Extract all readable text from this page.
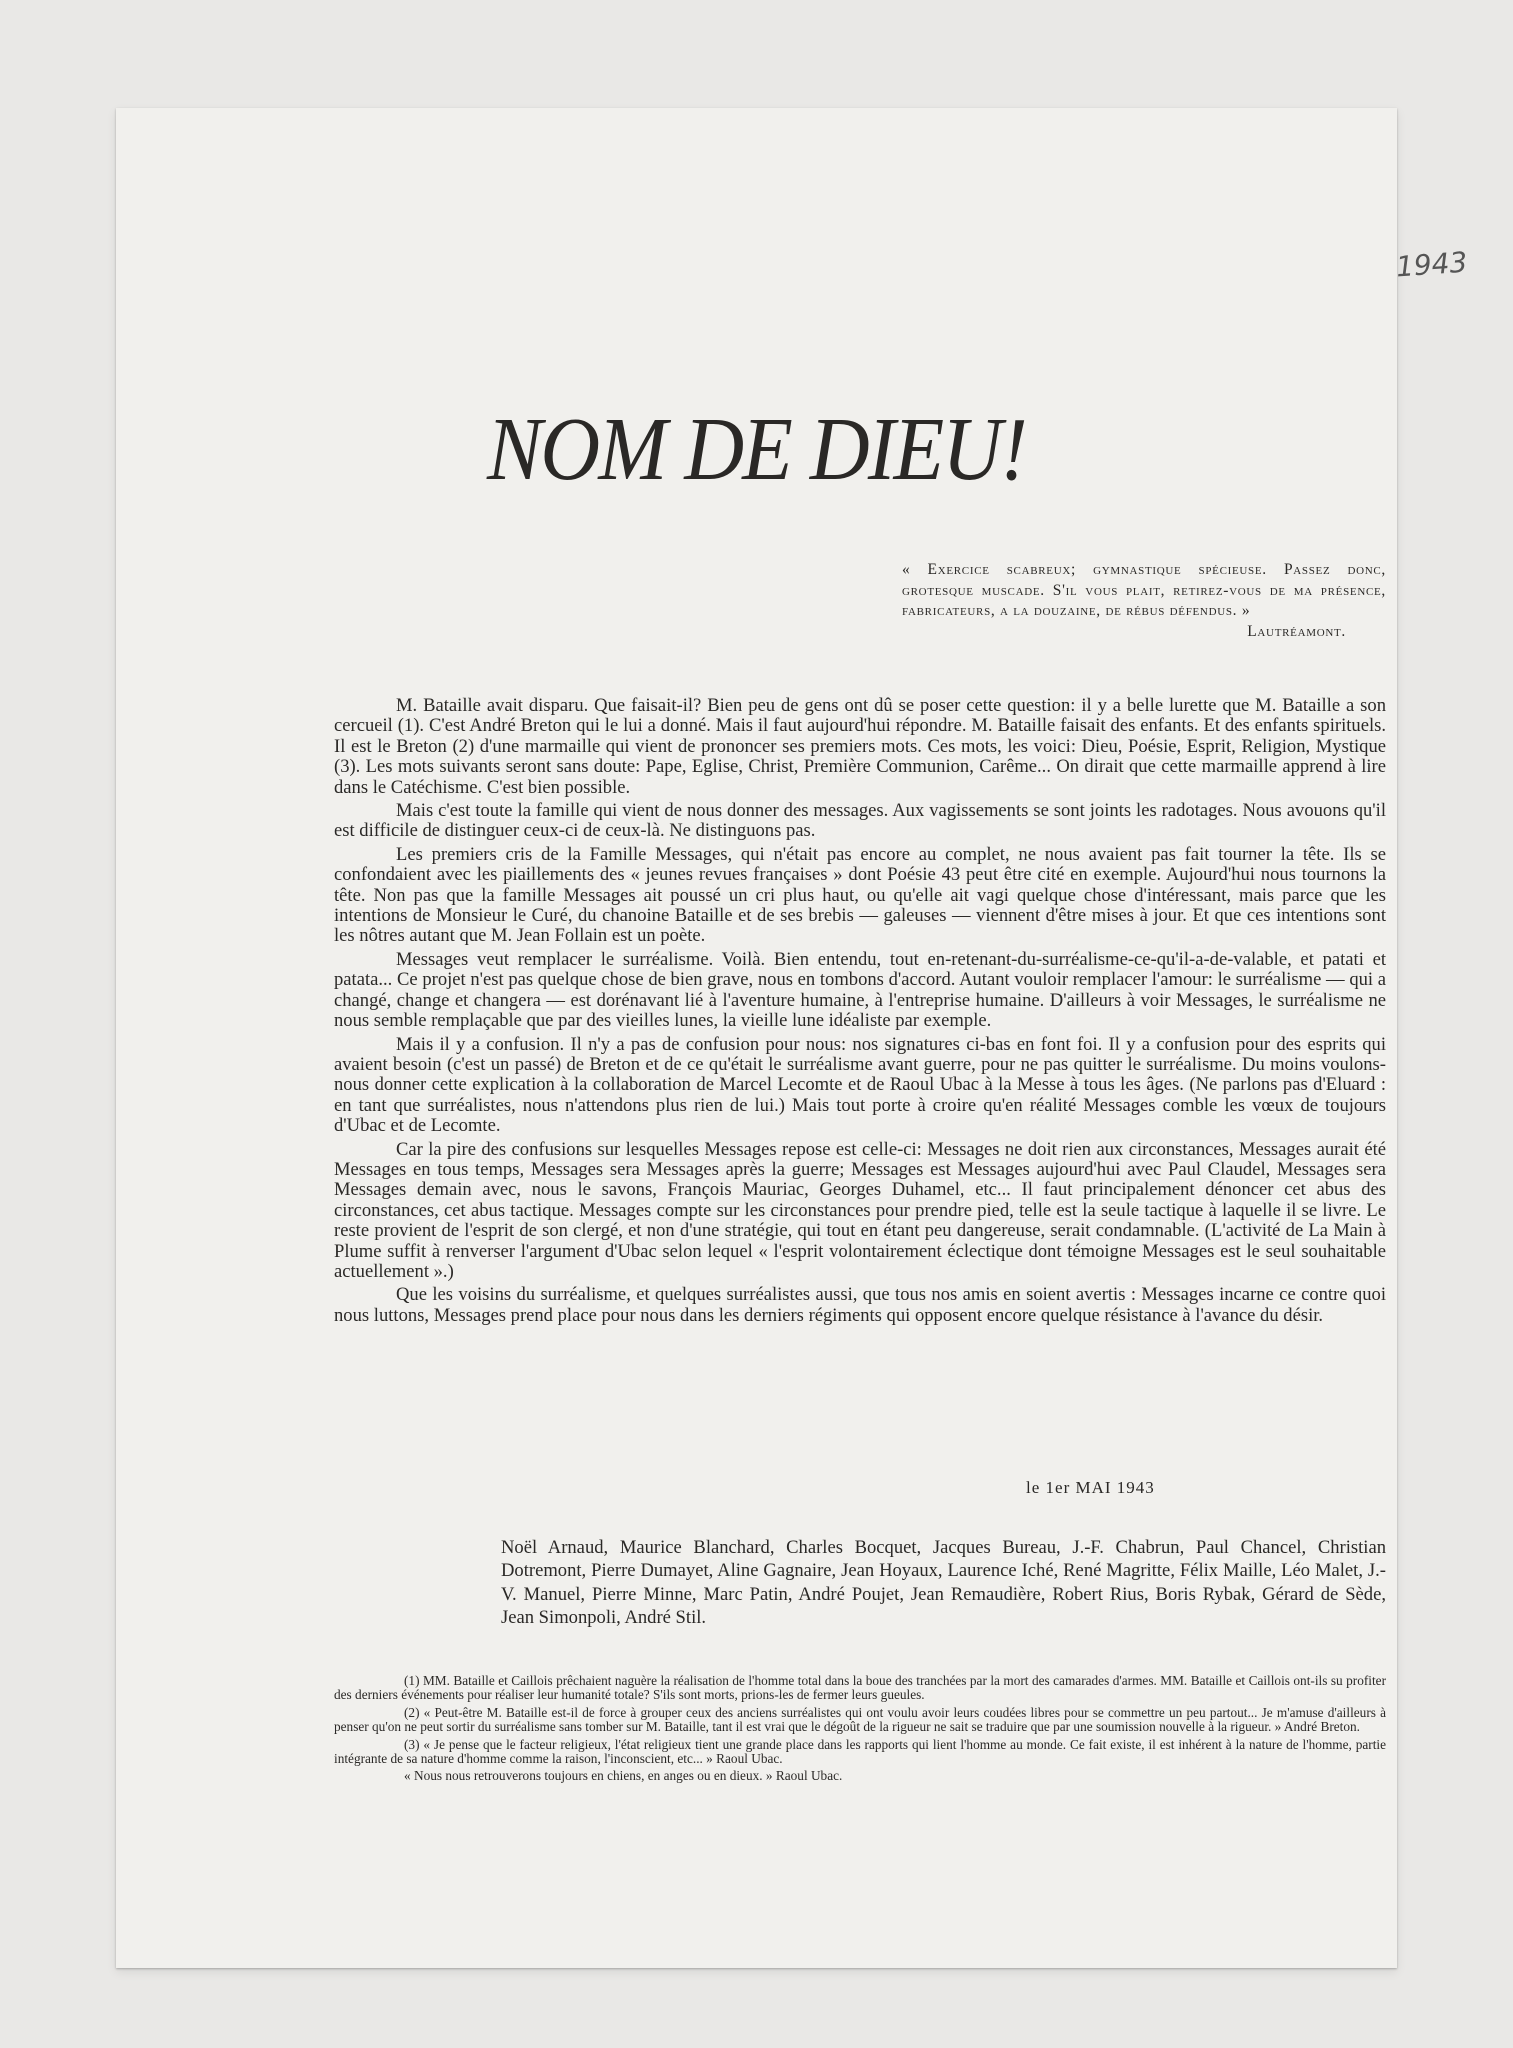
1943
NOM DE DIEU!
« Exercice scabreux; gymnastique spécieuse. Passez donc, grotesque muscade. S'il vous plait, retirez-vous de ma présence, fabricateurs, a la douzaine, de rébus défendus. »
Lautréamont.

M. Bataille avait disparu. Que faisait-il? Bien peu de gens ont dû se poser cette question: il y a belle lurette que M. Bataille a son cercueil (1). C'est André Breton qui le lui a donné. Mais il faut aujourd'hui répondre. M. Bataille faisait des enfants. Et des enfants spirituels. Il est le Breton (2) d'une marmaille qui vient de prononcer ses premiers mots. Ces mots, les voici: Dieu, Poésie, Esprit, Religion, Mystique (3). Les mots suivants seront sans doute: Pape, Eglise, Christ, Première Communion, Carême... On dirait que cette marmaille apprend à lire dans le Catéchisme. C'est bien possible.

Mais c'est toute la famille qui vient de nous donner des messages. Aux vagissements se sont joints les radotages. Nous avouons qu'il est difficile de distinguer ceux-ci de ceux-là. Ne distinguons pas.

Les premiers cris de la Famille Messages, qui n'était pas encore au complet, ne nous avaient pas fait tourner la tête. Ils se confondaient avec les piaillements des « jeunes revues françaises » dont Poésie 43 peut être cité en exemple. Aujourd'hui nous tournons la tête. Non pas que la famille Messages ait poussé un cri plus haut, ou qu'elle ait vagi quelque chose d'intéressant, mais parce que les intentions de Monsieur le Curé, du chanoine Bataille et de ses brebis — galeuses — viennent d'être mises à jour. Et que ces intentions sont les nôtres autant que M. Jean Follain est un poète.

Messages veut remplacer le surréalisme. Voilà. Bien entendu, tout en-retenant-du-surréalisme-ce-qu'il-a-de-valable, et patati et patata... Ce projet n'est pas quelque chose de bien grave, nous en tombons d'accord. Autant vouloir remplacer l'amour: le surréalisme — qui a changé, change et changera — est dorénavant lié à l'aventure humaine, à l'entreprise humaine. D'ailleurs à voir Messages, le surréalisme ne nous semble remplaçable que par des vieilles lunes, la vieille lune idéaliste par exemple.

Mais il y a confusion. Il n'y a pas de confusion pour nous: nos signatures ci-bas en font foi. Il y a confusion pour des esprits qui avaient besoin (c'est un passé) de Breton et de ce qu'était le surréalisme avant guerre, pour ne pas quitter le surréalisme. Du moins voulons-nous donner cette explication à la collaboration de Marcel Lecomte et de Raoul Ubac à la Messe à tous les âges. (Ne parlons pas d'Eluard : en tant que surréalistes, nous n'attendons plus rien de lui.) Mais tout porte à croire qu'en réalité Messages comble les vœux de toujours d'Ubac et de Lecomte.

Car la pire des confusions sur lesquelles Messages repose est celle-ci: Messages ne doit rien aux circonstances, Messages aurait été Messages en tous temps, Messages sera Messages après la guerre; Messages est Messages aujourd'hui avec Paul Claudel, Messages sera Messages demain avec, nous le savons, François Mauriac, Georges Duhamel, etc... Il faut principalement dénoncer cet abus des circonstances, cet abus tactique. Messages compte sur les circonstances pour prendre pied, telle est la seule tactique à laquelle il se livre. Le reste provient de l'esprit de son clergé, et non d'une stratégie, qui tout en étant peu dangereuse, serait condamnable. (L'activité de La Main à Plume suffit à renverser l'argument d'Ubac selon lequel « l'esprit volontairement éclectique dont témoigne Messages est le seul souhaitable actuellement ».)

Que les voisins du surréalisme, et quelques surréalistes aussi, que tous nos amis en soient avertis : Messages incarne ce contre quoi nous luttons, Messages prend place pour nous dans les derniers régiments qui opposent encore quelque résistance à l'avance du désir.

le 1er MAI 1943
Noël Arnaud, Maurice Blanchard, Charles Bocquet, Jacques Bureau, J.-F. Chabrun, Paul Chancel, Christian Dotremont, Pierre Dumayet, Aline Gagnaire, Jean Hoyaux, Laurence Iché, René Magritte, Félix Maille, Léo Malet, J.-V. Manuel, Pierre Minne, Marc Patin, André Poujet, Jean Remaudière, Robert Rius, Boris Rybak, Gérard de Sède, Jean Simonpoli, André Stil.

(1) MM. Bataille et Caillois prêchaient naguère la réalisation de l'homme total dans la boue des tranchées par la mort des camarades d'armes. MM. Bataille et Caillois ont-ils su profiter des derniers événements pour réaliser leur humanité totale? S'ils sont morts, prions-les de fermer leurs gueules.

(2) « Peut-être M. Bataille est-il de force à grouper ceux des anciens surréalistes qui ont voulu avoir leurs coudées libres pour se commettre un peu partout... Je m'amuse d'ailleurs à penser qu'on ne peut sortir du surréalisme sans tomber sur M. Bataille, tant il est vrai que le dégoût de la rigueur ne sait se traduire que par une soumission nouvelle à la rigueur. » André Breton.

(3) « Je pense que le facteur religieux, l'état religieux tient une grande place dans les rapports qui lient l'homme au monde. Ce fait existe, il est inhérent à la nature de l'homme, partie intégrante de sa nature d'homme comme la raison, l'inconscient, etc... » Raoul Ubac.

« Nous nous retrouverons toujours en chiens, en anges ou en dieux. » Raoul Ubac.
